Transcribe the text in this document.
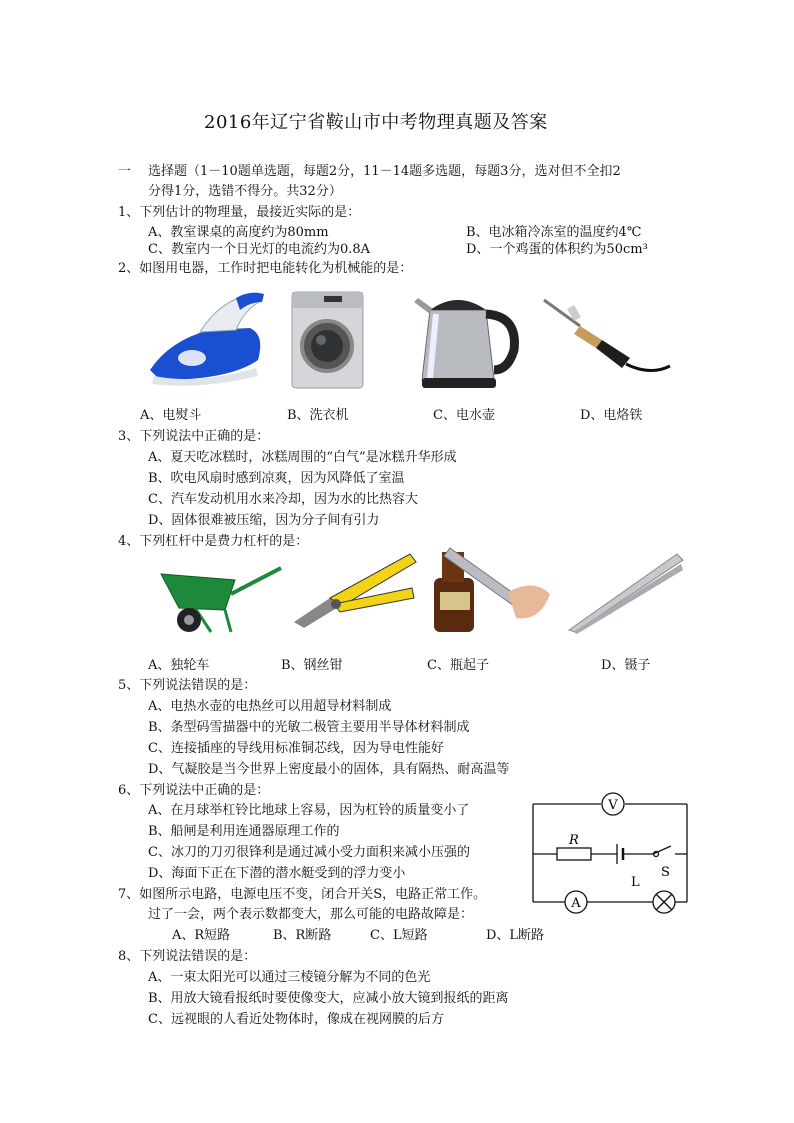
2016年辽宁省鞍山市中考物理真题及答案
一 选择题（1－10题单选题，每题2分，11－14题多选题，每题3分，选对但不全扣2
分得1分，选错不得分。共32分）
1、下列估计的物理量，最接近实际的是：
A、教室课桌的高度约为80mm	B、电冰箱冷冻室的温度约4℃
C、教室内一个日光灯的电流约为0.8A	D、一个鸡蛋的体积约为50cm³
2、如图用电器，工作时把电能转化为机械能的是：
A、电熨斗	B、洗衣机	C、电水壶	D、电烙铁
3、下列说法中正确的是：
A、夏天吃冰糕时，冰糕周围的“白气”是冰糕升华形成
B、吹电风扇时感到凉爽，因为风降低了室温
C、汽车发动机用水来冷却，因为水的比热容大
D、固体很难被压缩，因为分子间有引力
4、下列杠杆中是费力杠杆的是：
A、独轮车	B、钢丝钳	C、瓶起子	D、镊子
5、下列说法错误的是：
A、电热水壶的电热丝可以用超导材料制成
B、条型码雪描器中的光敏二极管主要用半导体材料制成
C、连接插座的导线用标准铜芯线，因为导电性能好
D、气凝胶是当今世界上密度最小的固体，具有隔热、耐高温等
6、下列说法中正确的是：
A、在月球举杠铃比地球上容易，因为杠铃的质量变小了
B、船闸是利用连通器原理工作的
C、冰刀的刀刃很锋利是通过减小受力面积来减小压强的
D、海面下正在下潜的潜水艇受到的浮力变小
V
A
R
S
L
7、如图所示电路，电源电压不变，闭合开关S，电路正常工作。
过了一会，两个表示数都变大，那么可能的电路故障是：
A、R短路	B、R断路	C、L短路	D、L断路
8、下列说法错误的是：
A、一束太阳光可以通过三棱镜分解为不同的色光
B、用放大镜看报纸时要使像变大，应减小放大镜到报纸的距离
C、远视眼的人看近处物体时，像成在视网膜的后方
